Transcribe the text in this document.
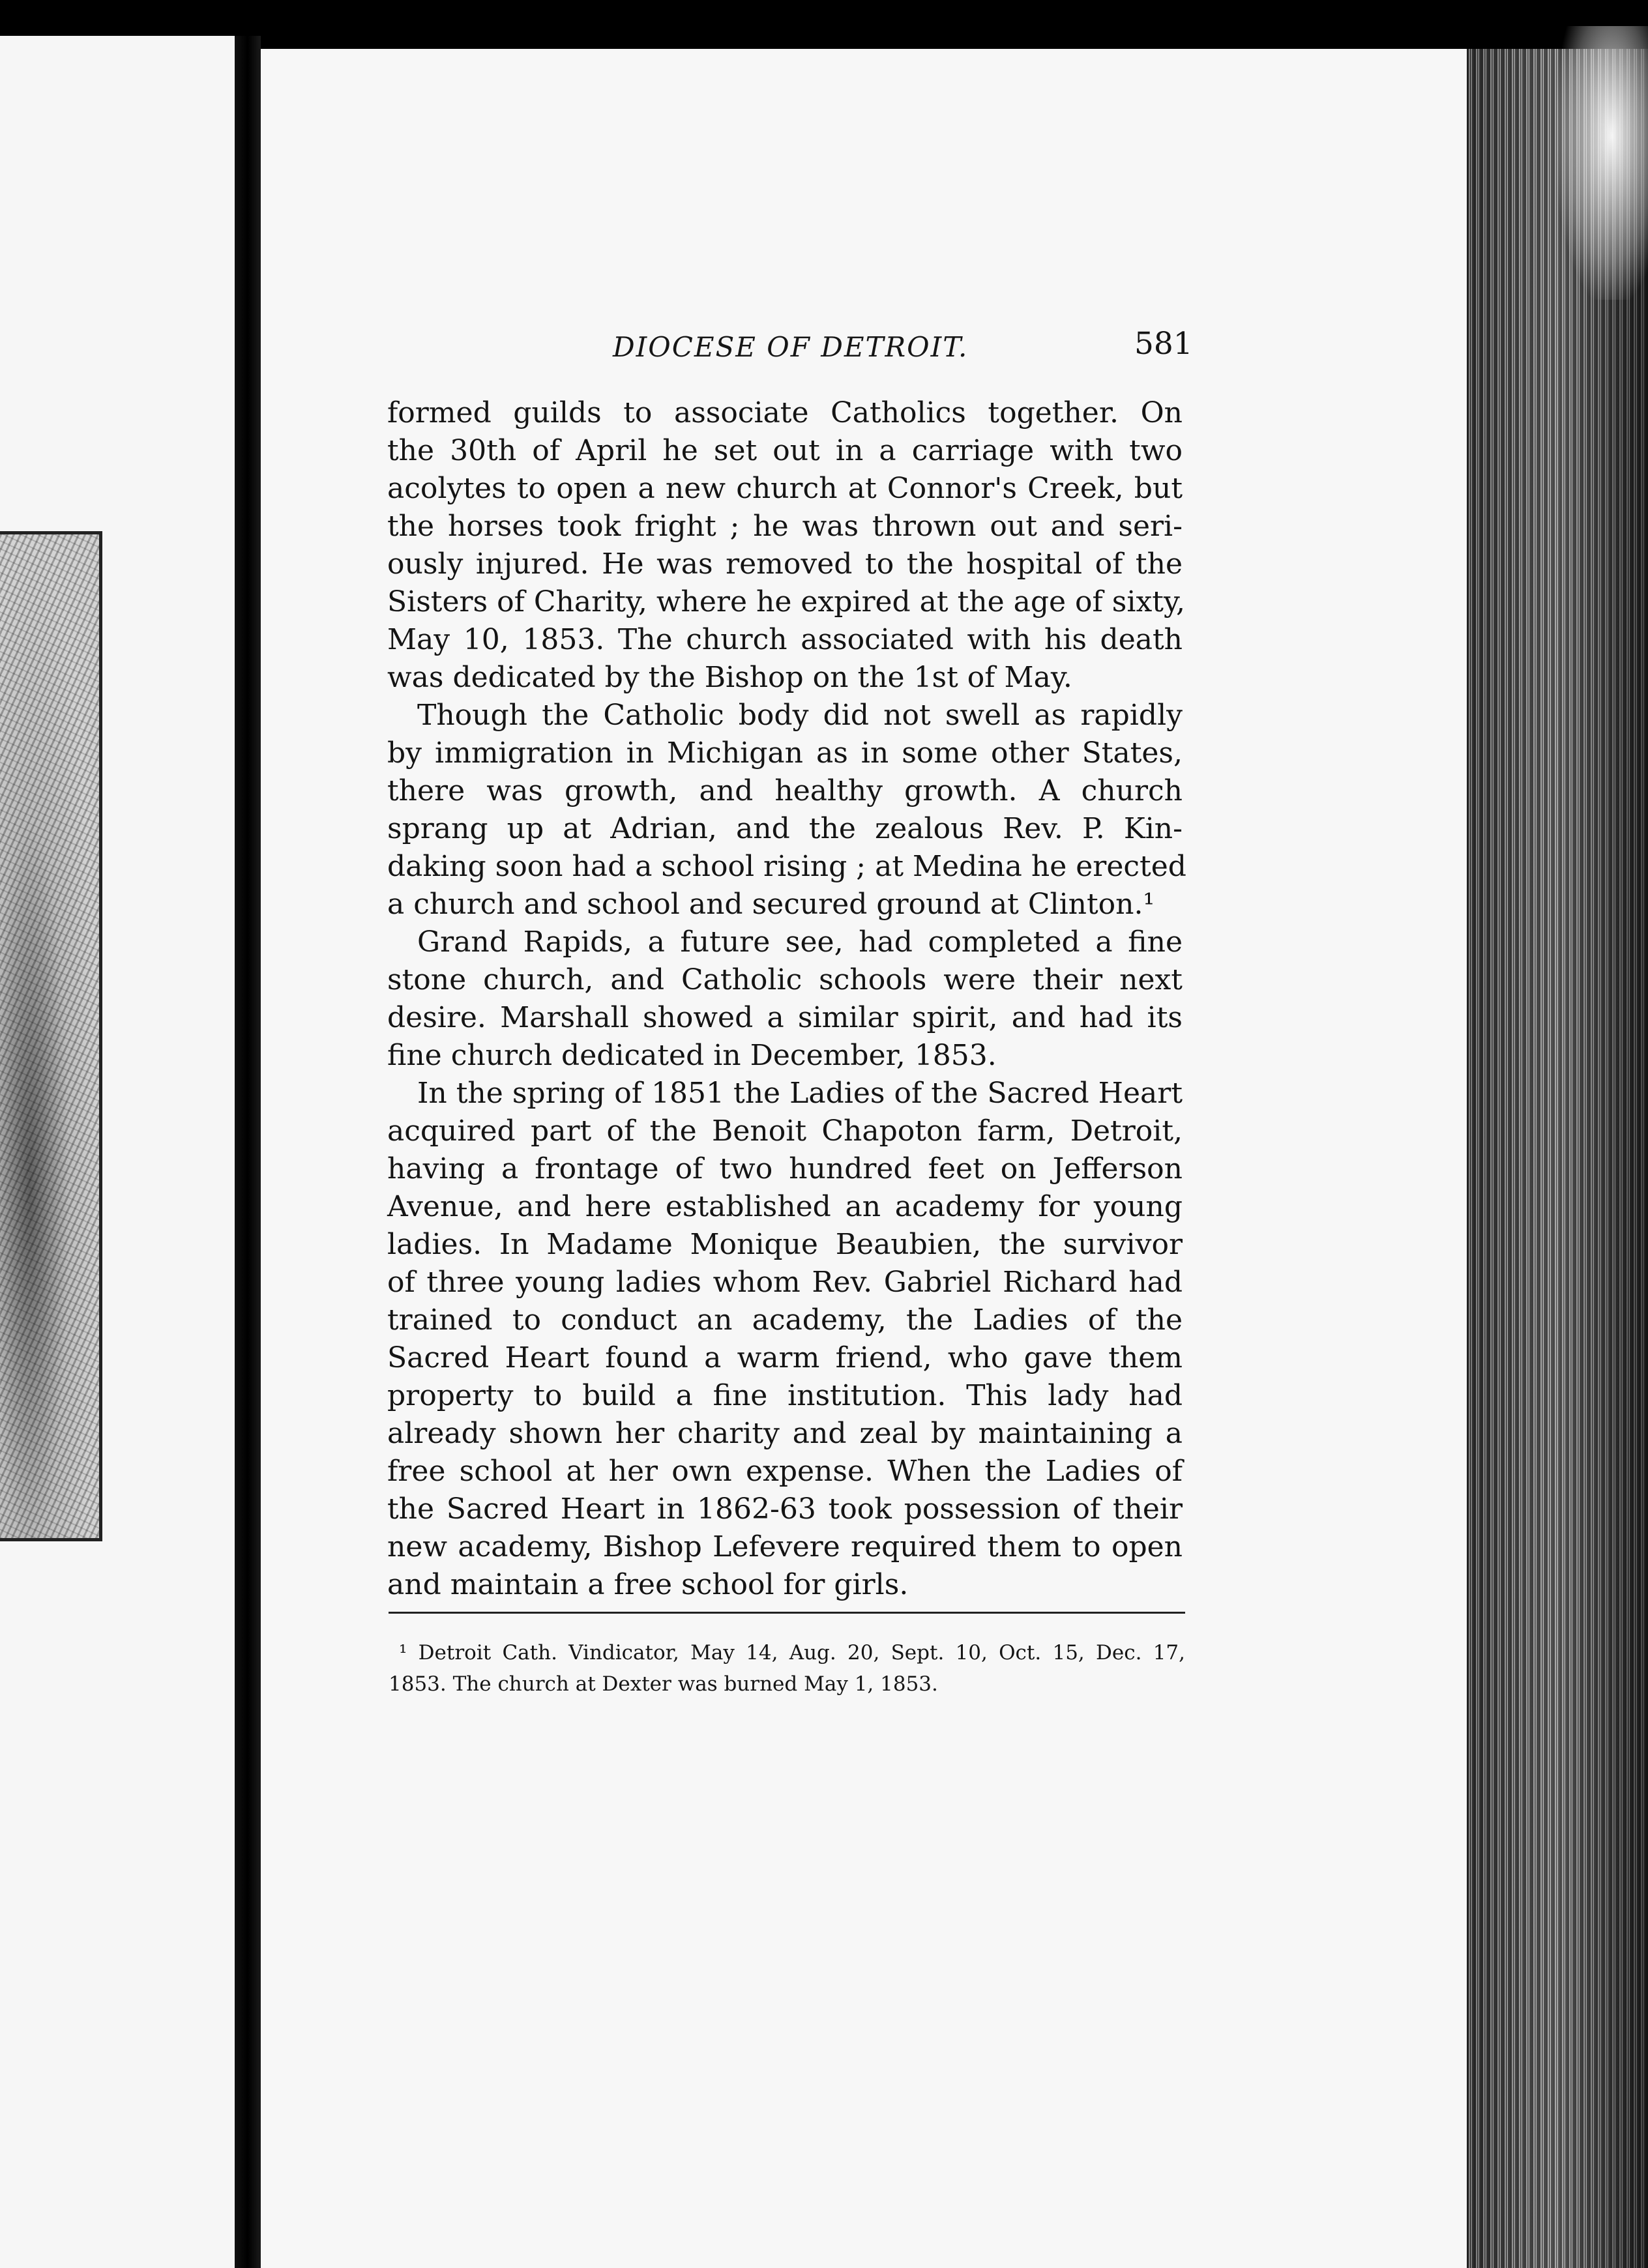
DIOCESE OF DETROIT.	581
formed guilds to associate Catholics together. On
the 30th of April he set out in a carriage with two
acolytes to open a new church at Connor's Creek, but
the horses took fright ; he was thrown out and seri-
ously injured. He was removed to the hospital of the
Sisters of Charity, where he expired at the age of sixty,
May 10, 1853. The church associated with his death
was dedicated by the Bishop on the 1st of May.
Though the Catholic body did not swell as rapidly
by immigration in Michigan as in some other States,
there was growth, and healthy growth. A church
sprang up at Adrian, and the zealous Rev. P. Kin-
daking soon had a school rising ; at Medina he erected
a church and school and secured ground at Clinton.¹
Grand Rapids, a future see, had completed a fine
stone church, and Catholic schools were their next
desire. Marshall showed a similar spirit, and had its
fine church dedicated in December, 1853.
In the spring of 1851 the Ladies of the Sacred Heart
acquired part of the Benoit Chapoton farm, Detroit,
having a frontage of two hundred feet on Jefferson
Avenue, and here established an academy for young
ladies. In Madame Monique Beaubien, the survivor
of three young ladies whom Rev. Gabriel Richard had
trained to conduct an academy, the Ladies of the
Sacred Heart found a warm friend, who gave them
property to build a fine institution. This lady had
already shown her charity and zeal by maintaining a
free school at her own expense. When the Ladies of
the Sacred Heart in 1862-63 took possession of their
new academy, Bishop Lefevere required them to open
and maintain a free school for girls.
¹ Detroit Cath. Vindicator, May 14, Aug. 20, Sept. 10, Oct. 15, Dec. 17,
1853. The church at Dexter was burned May 1, 1853.
